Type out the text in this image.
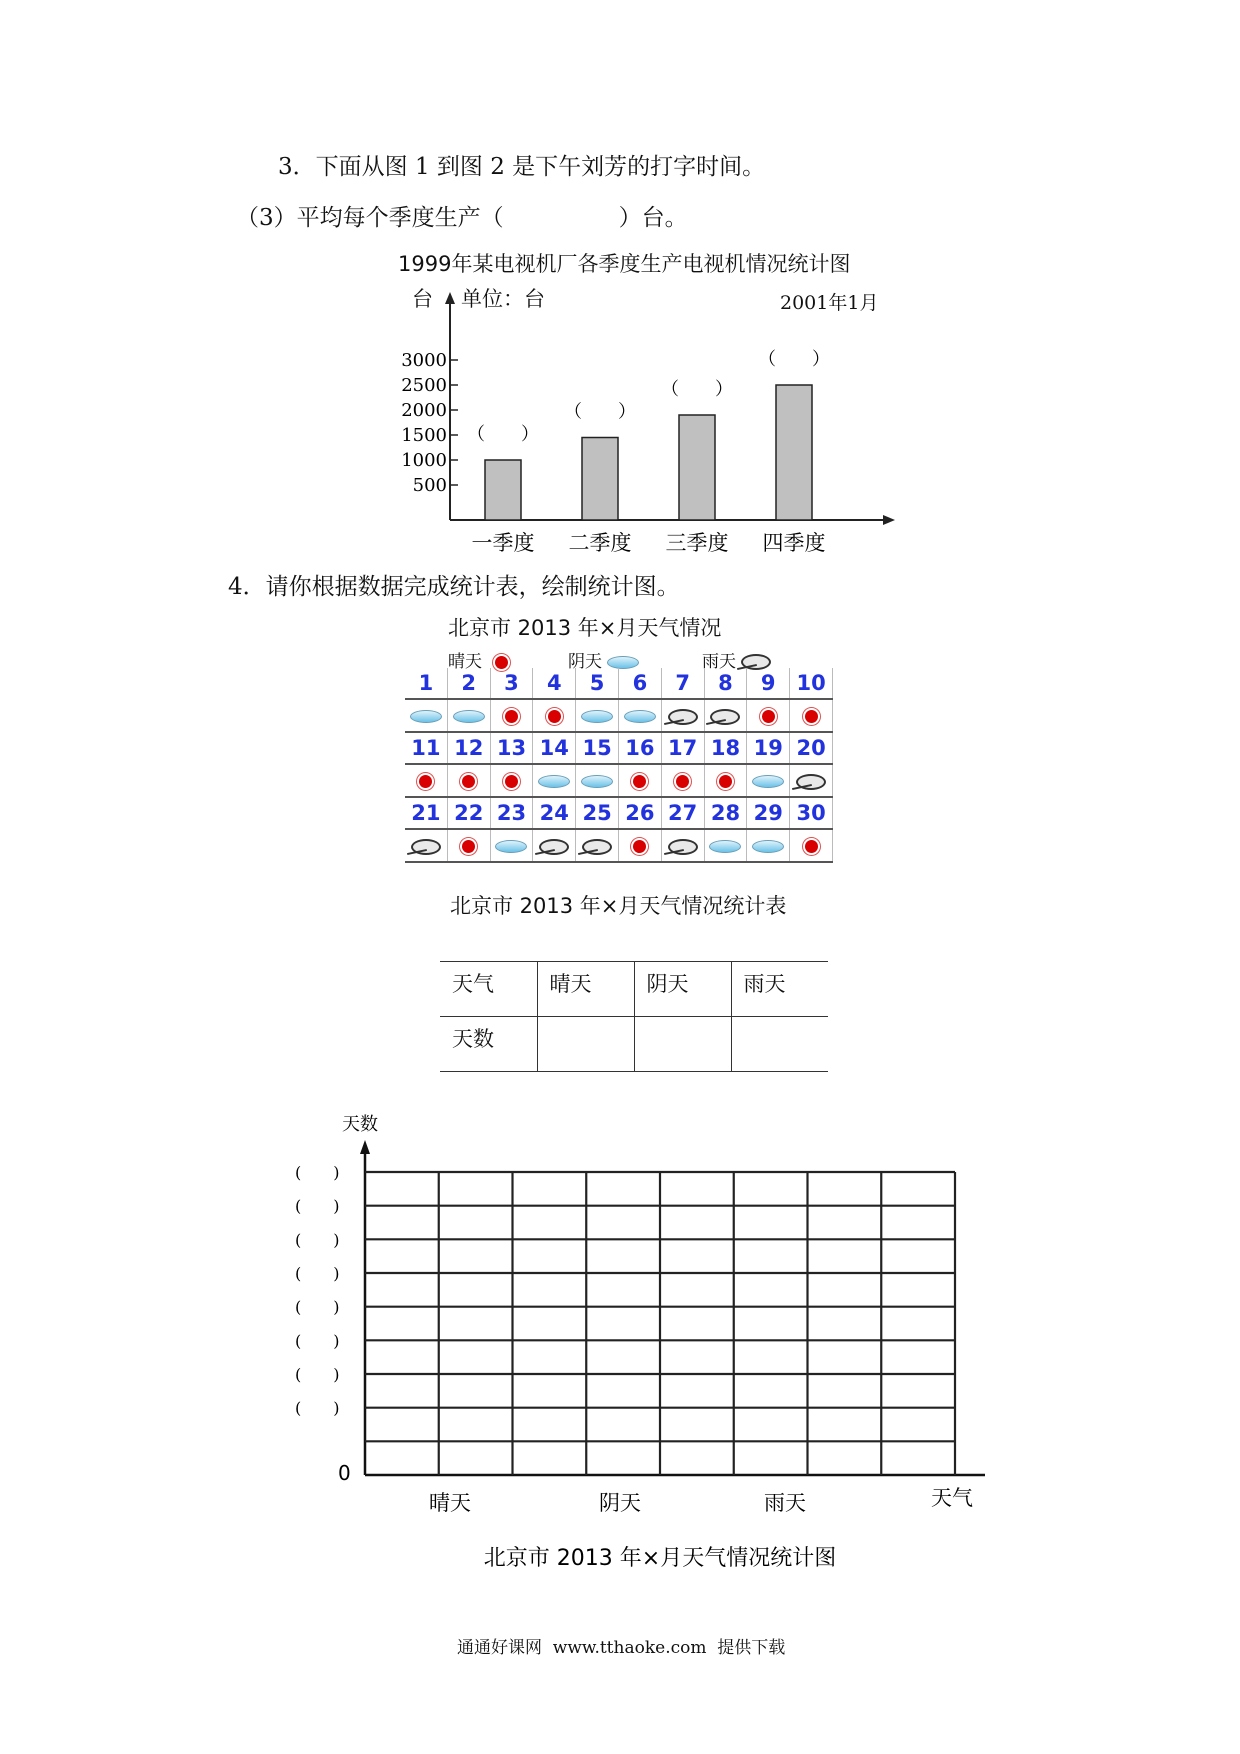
3．下面从图 1 到图 2 是下午刘芳的打字时间。
（3）平均每个季度生产（　　　　　）台。
1999年某电视机厂各季度生产电视机情况统计图
台 单位：台	2001年1月
500
1000
1500
2000
2500
3000
（　　）
一季度
（　　）
二季度
（　　）
三季度
（　　）
四季度
4．请你根据数据完成统计表，绘制统计图。
北京市 2013 年×月天气情况
晴天	阴天	雨天
1	2	3	4	5	6	7	8	9	10

11	12	13	14	15	16	17	18	19	20

21	22	23	24	25	26	27	28	29	30

北京市 2013 年×月天气情况统计表
天气	晴天	阴天	雨天
天数			
天数
(　　)
(　　)
(　　)
(　　)
(　　)
(　　)
(　　)
(　　)
0
晴天	阴天	雨天	天气
北京市 2013 年×月天气情况统计图
通通好课网  www.tthaoke.com  提供下载
